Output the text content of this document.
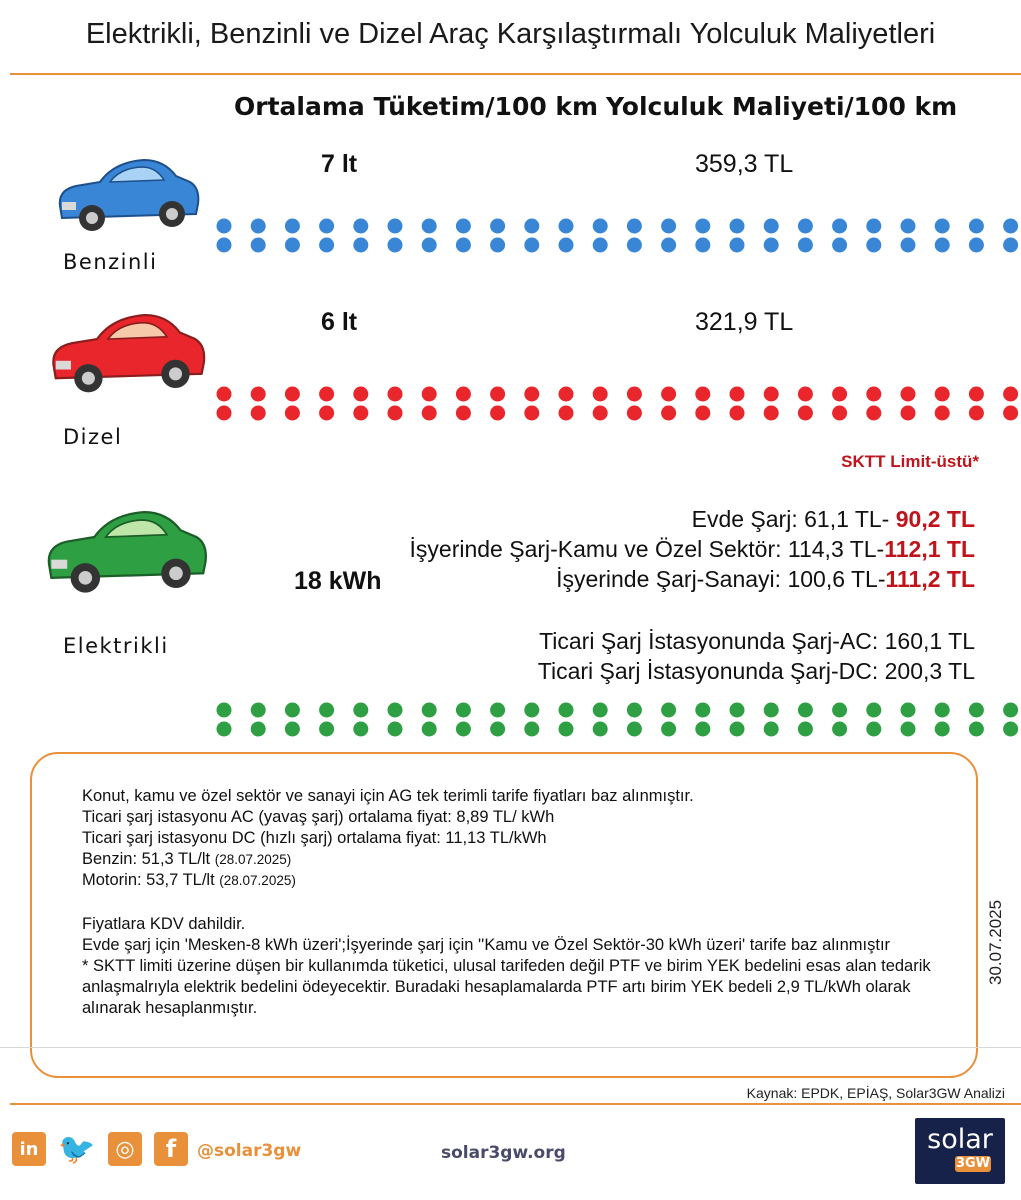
Elektrikli, Benzinli ve Dizel Araç Karşılaştırmalı Yolculuk Maliyetleri
Ortalama Tüketim/100 km Yolculuk Maliyeti/100 km
7 lt	359,3 TL
Benzinli
6 lt	321,9 TL
Dizel
SKTT Limit-üstü*
18 kWh
Elektrikli
Evde Şarj: 61,1 TL- 90,2 TL
İşyerinde Şarj-Kamu ve Özel Sektör: 114,3 TL-112,1 TL
İşyerinde Şarj-Sanayi: 100,6 TL-111,2 TL
Ticari Şarj İstasyonunda Şarj-AC: 160,1 TL
Ticari Şarj İstasyonunda Şarj-DC: 200,3 TL
Konut, kamu ve özel sektör ve sanayi için AG tek terimli tarife fiyatları baz alınmıştır.
Ticari şarj istasyonu AC (yavaş şarj) ortalama fiyat: 8,89 TL/ kWh
Ticari şarj istasyonu DC (hızlı şarj) ortalama fiyat: 11,13 TL/kWh
Benzin: 51,3 TL/lt (28.07.2025)
Motorin: 53,7 TL/lt (28.07.2025)
Fiyatlara KDV dahildir.
Evde şarj için 'Mesken-8 kWh üzeri';İşyerinde şarj için ''Kamu ve Özel Sektör-30 kWh üzeri' tarife baz alınmıştır
* SKTT limiti üzerine düşen bir kullanımda tüketici, ulusal tarifeden değil PTF ve birim YEK bedelini esas alan tedarik anlaşmalrıyla elektrik bedelini ödeyecektir. Buradaki hesaplamalarda PTF artı birim YEK bedeli 2,9 TL/kWh olarak alınarak hesaplanmıştır.
30.07.2025
Kaynak: EPDK, EPİAŞ, Solar3GW Analizi
in 🐦 ◎	f	@solar3gw	solar3gw.org	solar
3GW
